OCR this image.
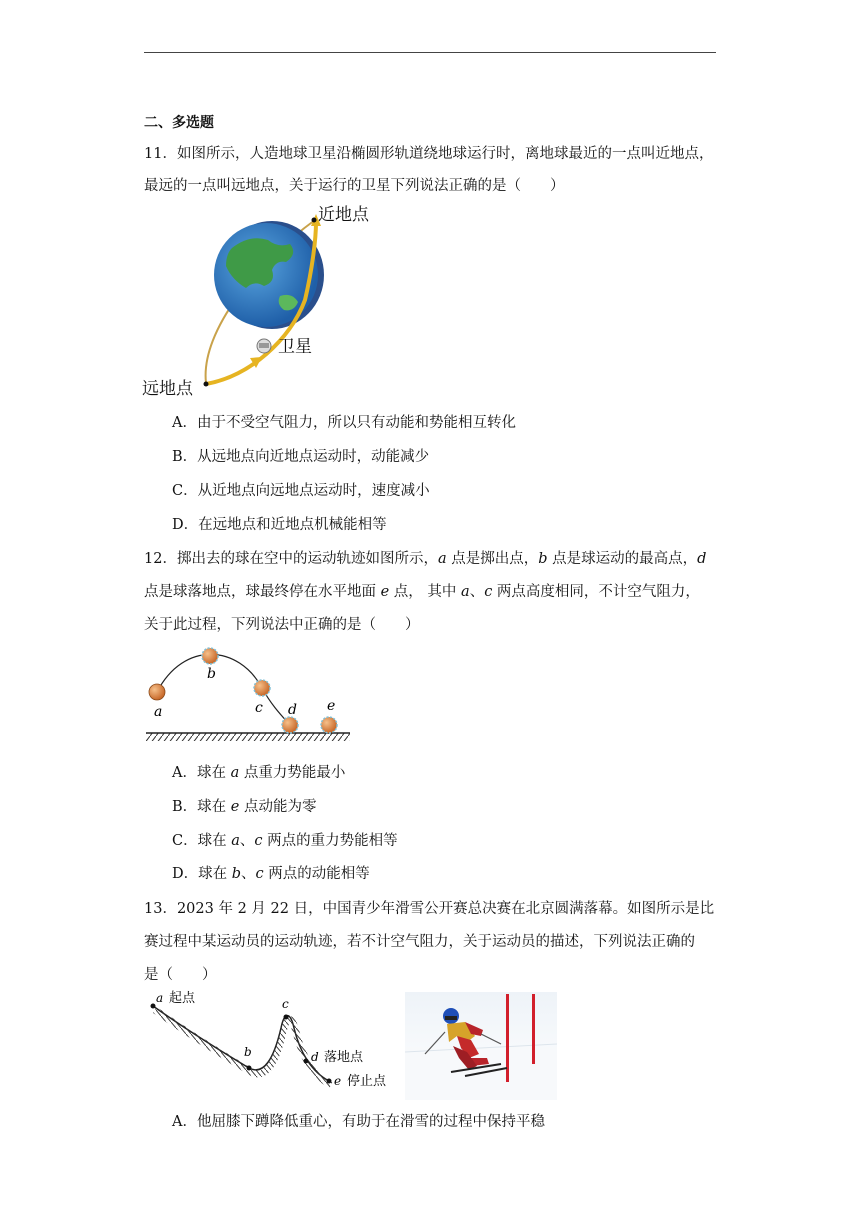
二、多选题
11．如图所示，人造地球卫星沿椭圆形轨道绕地球运行时，离地球最近的一点叫近地点，
最远的一点叫远地点，关于运行的卫星下列说法正确的是（　　）
近地点
卫星
远地点
A．由于不受空气阻力，所以只有动能和势能相互转化
B．从远地点向近地点运动时，动能减少
C．从近地点向远地点运动时，速度减小
D．在远地点和近地点机械能相等
12．掷出去的球在空中的运动轨迹如图所示，a 点是掷出点，b 点是球运动的最高点，d
点是球落地点，球最终停在水平地面 e 点， 其中 a、c 两点高度相同，不计空气阻力，
关于此过程，下列说法中正确的是（　　）
a
b
c d e
A．球在 a 点重力势能最小
B．球在 e 点动能为零
C．球在 a、c 两点的重力势能相等
D．球在 b、c 两点的动能相等
13．2023 年 2 月 22 日，中国青少年滑雪公开赛总决赛在北京圆满落幕。如图所示是比
赛过程中某运动员的运动轨迹，若不计空气阻力，关于运动员的描述，下列说法正确的
是（　　）
a 起点
b
c
d 落地点
e 停止点
A．他屈膝下蹲降低重心，有助于在滑雪的过程中保持平稳
